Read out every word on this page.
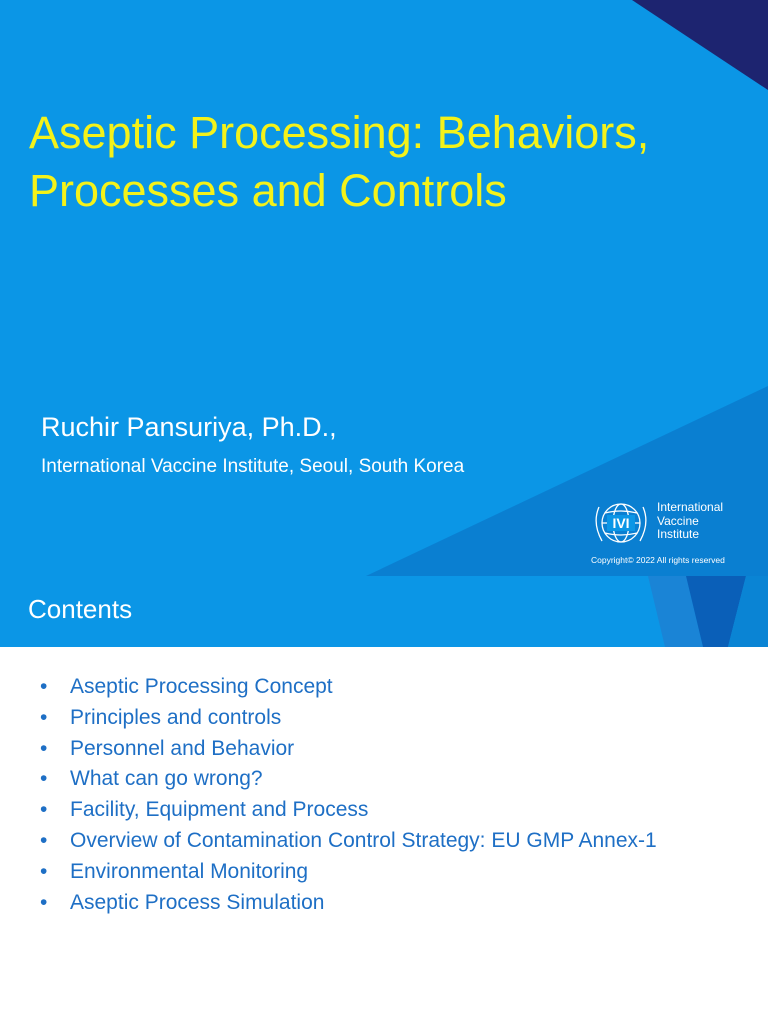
Aseptic Processing: Behaviors,
Processes and Controls
Ruchir Pansuriya, Ph.D.,
International Vaccine Institute, Seoul, South Korea
IVI
International
Vaccine
Institute
Copyright© 2022 All rights reserved
Contents
• Aseptic Processing Concept
• Principles and controls
• Personnel and Behavior
• What can go wrong?
• Facility, Equipment and Process
• Overview of Contamination Control Strategy: EU GMP Annex-1
• Environmental Monitoring
• Aseptic Process Simulation
